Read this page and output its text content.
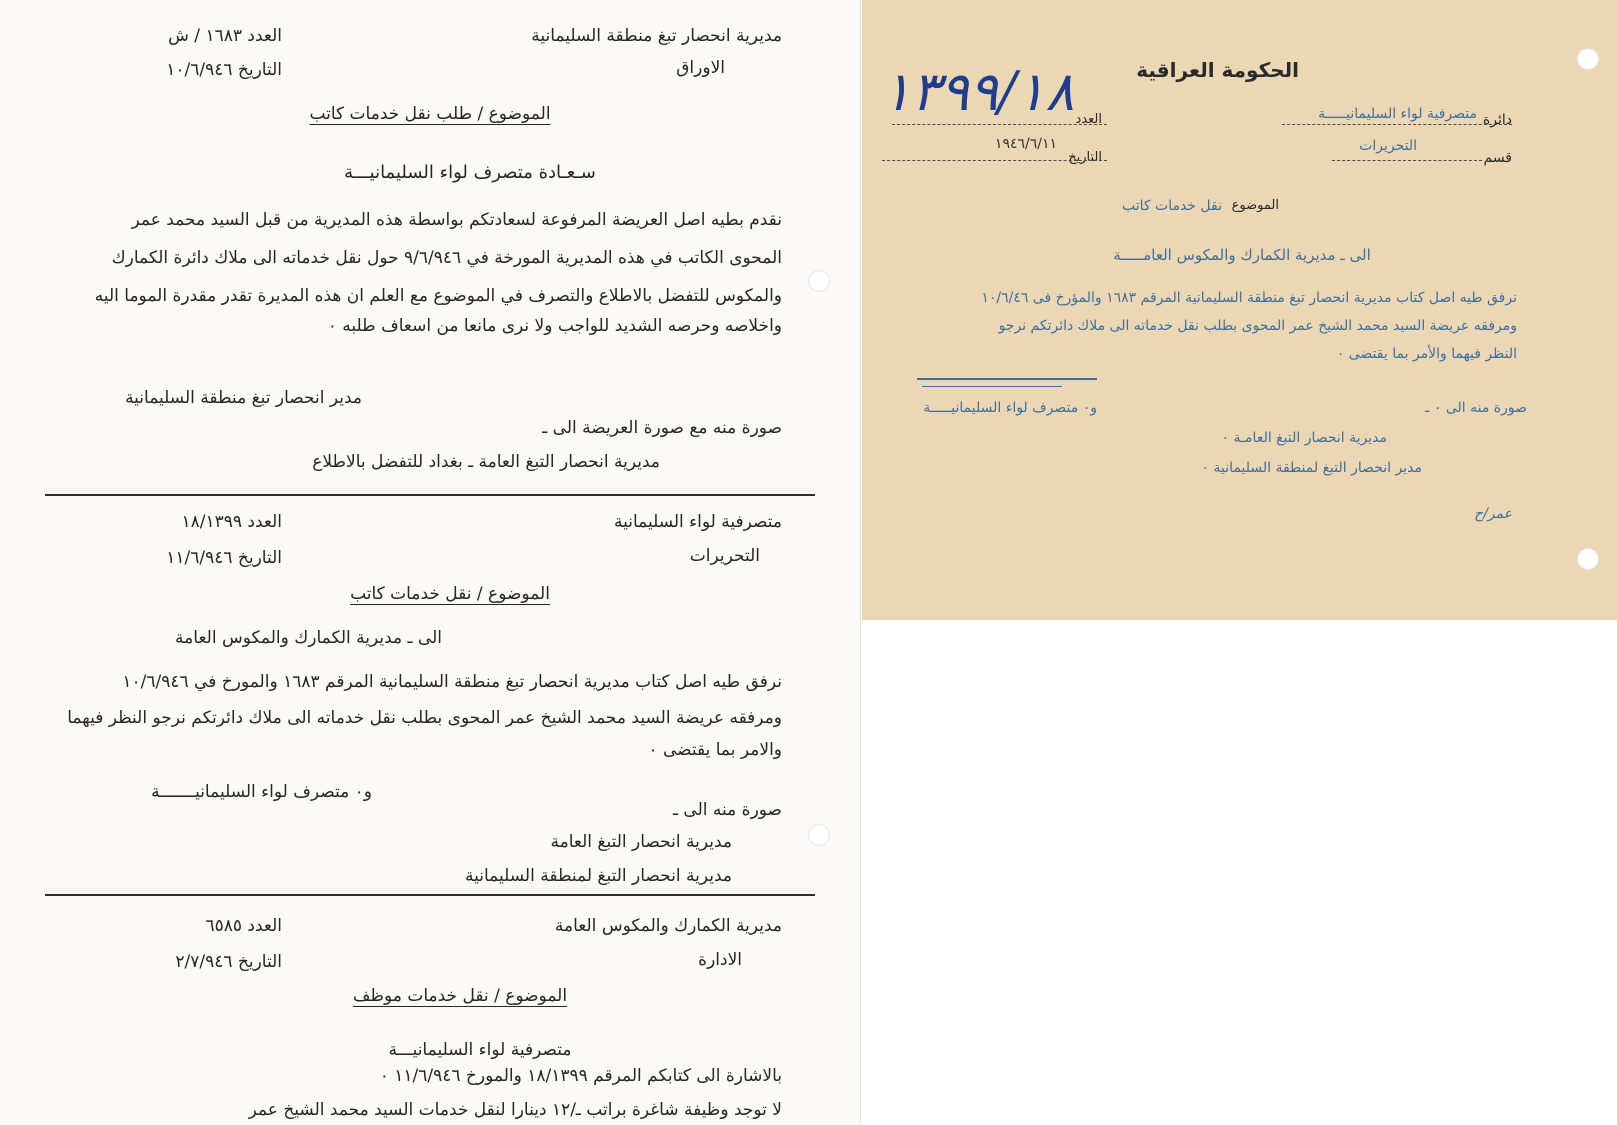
مديرية انحصار تبغ منطقة السليمانية
الاوراق
العدد ١٦٨٣ / ش
التاريخ ١٠/٦/٩٤٦
الموضوع / طلب نقل خدمات كاتب
سـعـادة متصرف لواء السليمانيـــة
نقدم بطيه اصل العريضة المرفوعة لسعادتكم بواسطة هذه المديرية من قبل السيد محمد عمر
المحوى الكاتب في هذه المديرية المورخة في ٩/٦/٩٤٦ حول نقل خدماته الى ملاك دائرة الكمارك
والمكوس للتفضل بالاطلاع والتصرف في الموضوع مع العلم ان هذه المديرة تقدر مقدرة الموما اليه
واخلاصه وحرصه الشديد للواجب ولا نرى مانعا من اسعاف طلبه ٠
مدير انحصار تبغ منطقة السليمانية
صورة منه مع صورة العريضة الى ـ
مديرية انحصار التبغ العامة ـ بغداد للتفضل بالاطلاع
متصرفية لواء السليمانية
التحريرات
العدد ١٨/١٣٩٩
التاريخ ١١/٦/٩٤٦
الموضوع / نقل خدمات كاتب
الى ـ مديرية الكمارك والمكوس العامة
نرفق طيه اصل كتاب مديرية انحصار تبغ منطقة السليمانية المرقم ١٦٨٣ والمورخ في ١٠/٦/٩٤٦
ومرفقه عريضة السيد محمد الشيخ عمر المحوى بطلب نقل خدماته الى ملاك دائرتكم نرجو النظر فيهما
والامر بما يقتضى ٠
و٠ متصرف لواء السليمانيـــــــة
صورة منه الى ـ
مديرية انحصار التبغ العامة
مديرية انحصار التبغ لمنطقة السليمانية
مديرية الكمارك والمكوس العامة
الادارة
العدد ٦٥٨٥
التاريخ ٢/٧/٩٤٦
الموضوع / نقل خدمات موظف
متصرفية لواء السليمانيـــة
بالاشارة الى كتابكم المرقم ١٨/١٣٩٩ والمورخ ١١/٦/٩٤٦ ٠
لا توجد وظيفة شاغرة براتب ـ/١٢ دينارا لنقل خدمات السيد محمد الشيخ عمر
الحكومة العراقية
١٣٩٩/١٨	دائرة
متصرفية لواء السليمانيـــــة
العدد
قسم
التحريرات
التاريخ
١٩٤٦/٦/١١
الموضوع
نقل خدمات كاتب
الى ـ مديرية الكمارك والمكوس العامـــــة
نرفق طيه اصل كتاب مديرية انحصار تبغ منطقة السليمانية المرقم ١٦٨٣ والمؤرخ فى ١٠/٦/٤٦
ومرفقه عريضة السيد محمد الشيخ عمر المحوى بطلب نقل خدماته الى ملاك دائرتكم نرجو
النظر فيهما والأمر بما يقتضى ٠
صورة منه الى ٠ ـ
و٠ متصرف لواء السليمانيـــــة
مديرية انحصار التبغ العامـة ٠
مدير انحصار التبغ لمنطقة السليمانية ٠
عمر/ح
